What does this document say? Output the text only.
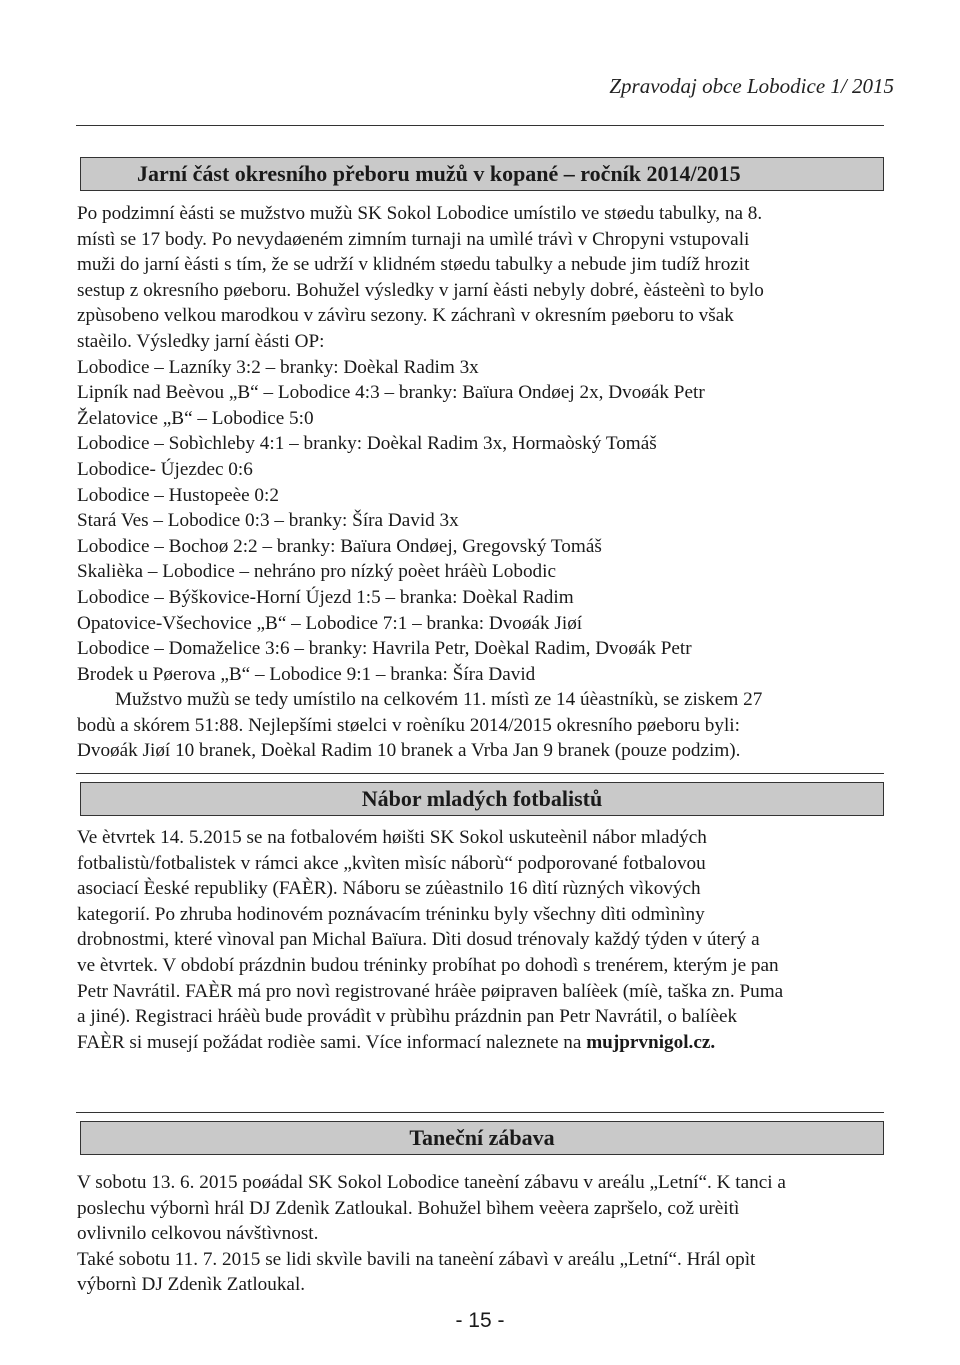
Zpravodaj obce Lobodice 1/ 2015
Jarní část okresního přeboru mužů v kopané – ročník 2014/2015
Po podzimní èásti se mužstvo mužù SK Sokol Lobodice umístilo ve støedu tabulky, na 8.
místì se 17 body. Po nevydaøeném zimním turnaji na umìlé trávì v Chropyni vstupovali
muži do jarní èásti s tím, že se udrží v klidném støedu tabulky a nebude jim tudíž hrozit
sestup z okresního pøeboru. Bohužel výsledky v jarní èásti nebyly dobré, èásteènì to bylo
zpùsobeno velkou marodkou v závìru sezony. K záchranì v okresním pøeboru to však
staèilo. Výsledky jarní èásti OP:
Lobodice – Lazníky 3:2 – branky: Doèkal Radim 3x
Lipník nad Beèvou „B“ – Lobodice 4:3 – branky: Baïura Ondøej 2x, Dvoøák Petr
Želatovice „B“ – Lobodice 5:0
Lobodice – Sobìchleby 4:1 – branky: Doèkal Radim 3x, Hormaòský Tomáš
Lobodice- Újezdec 0:6
Lobodice – Hustopeèe 0:2
Stará Ves – Lobodice 0:3 – branky: Šíra David 3x
Lobodice – Bochoø 2:2 – branky: Baïura Ondøej, Gregovský Tomáš
Skalièka – Lobodice – nehráno pro nízký poèet hráèù Lobodic
Lobodice – Býškovice-Horní Újezd 1:5 – branka: Doèkal Radim
Opatovice-Všechovice „B“ – Lobodice 7:1 – branka: Dvoøák Jiøí
Lobodice – Domaželice 3:6 – branky: Havrila Petr, Doèkal Radim, Dvoøák Petr
Brodek u Pøerova „B“ – Lobodice 9:1 – branka: Šíra David
Mužstvo mužù se tedy umístilo na celkovém 11. místì ze 14 úèastníkù, se ziskem 27
bodù a skórem 51:88. Nejlepšími støelci v roèníku 2014/2015 okresního pøeboru byli:
Dvoøák Jiøí 10 branek, Doèkal Radim 10 branek a Vrba Jan 9 branek (pouze podzim).
Nábor mladých fotbalistů
Ve ètvrtek 14. 5.2015 se na fotbalovém høišti SK Sokol uskuteènil nábor mladých
fotbalistù/fotbalistek v rámci akce „kvìten mìsíc náborù“ podporované fotbalovou
asociací Èeské republiky (FAÈR). Náboru se zúèastnilo 16 dìtí rùzných vìkových
kategorií. Po zhruba hodinovém poznávacím tréninku byly všechny dìti odmìnìny
drobnostmi, které vìnoval pan Michal Baïura. Dìti dosud trénovaly každý týden v úterý a
ve ètvrtek. V období prázdnin budou tréninky probíhat po dohodì s trenérem, kterým je pan
Petr Navrátil. FAÈR má pro novì registrované hráèe pøipraven balíèek (míè, taška zn. Puma
a jiné). Registraci hráèù bude provádìt v prùbìhu prázdnin pan Petr Navrátil, o balíèek
FAÈR si musejí požádat rodièe sami. Více informací naleznete na mujprvnigol.cz.
Taneční zábava
V sobotu 13. 6. 2015 poøádal SK Sokol Lobodice taneèní zábavu v areálu „Letní“. K tanci a
poslechu výbornì hrál DJ Zdenìk Zatloukal. Bohužel bìhem veèera zapršelo, což urèitì
ovlivnilo celkovou návštìvnost.
Také sobotu 11. 7. 2015 se lidi skvìle bavili na taneèní zábavì v areálu „Letní“. Hrál opìt
výbornì DJ Zdenìk Zatloukal.
- 15 -
